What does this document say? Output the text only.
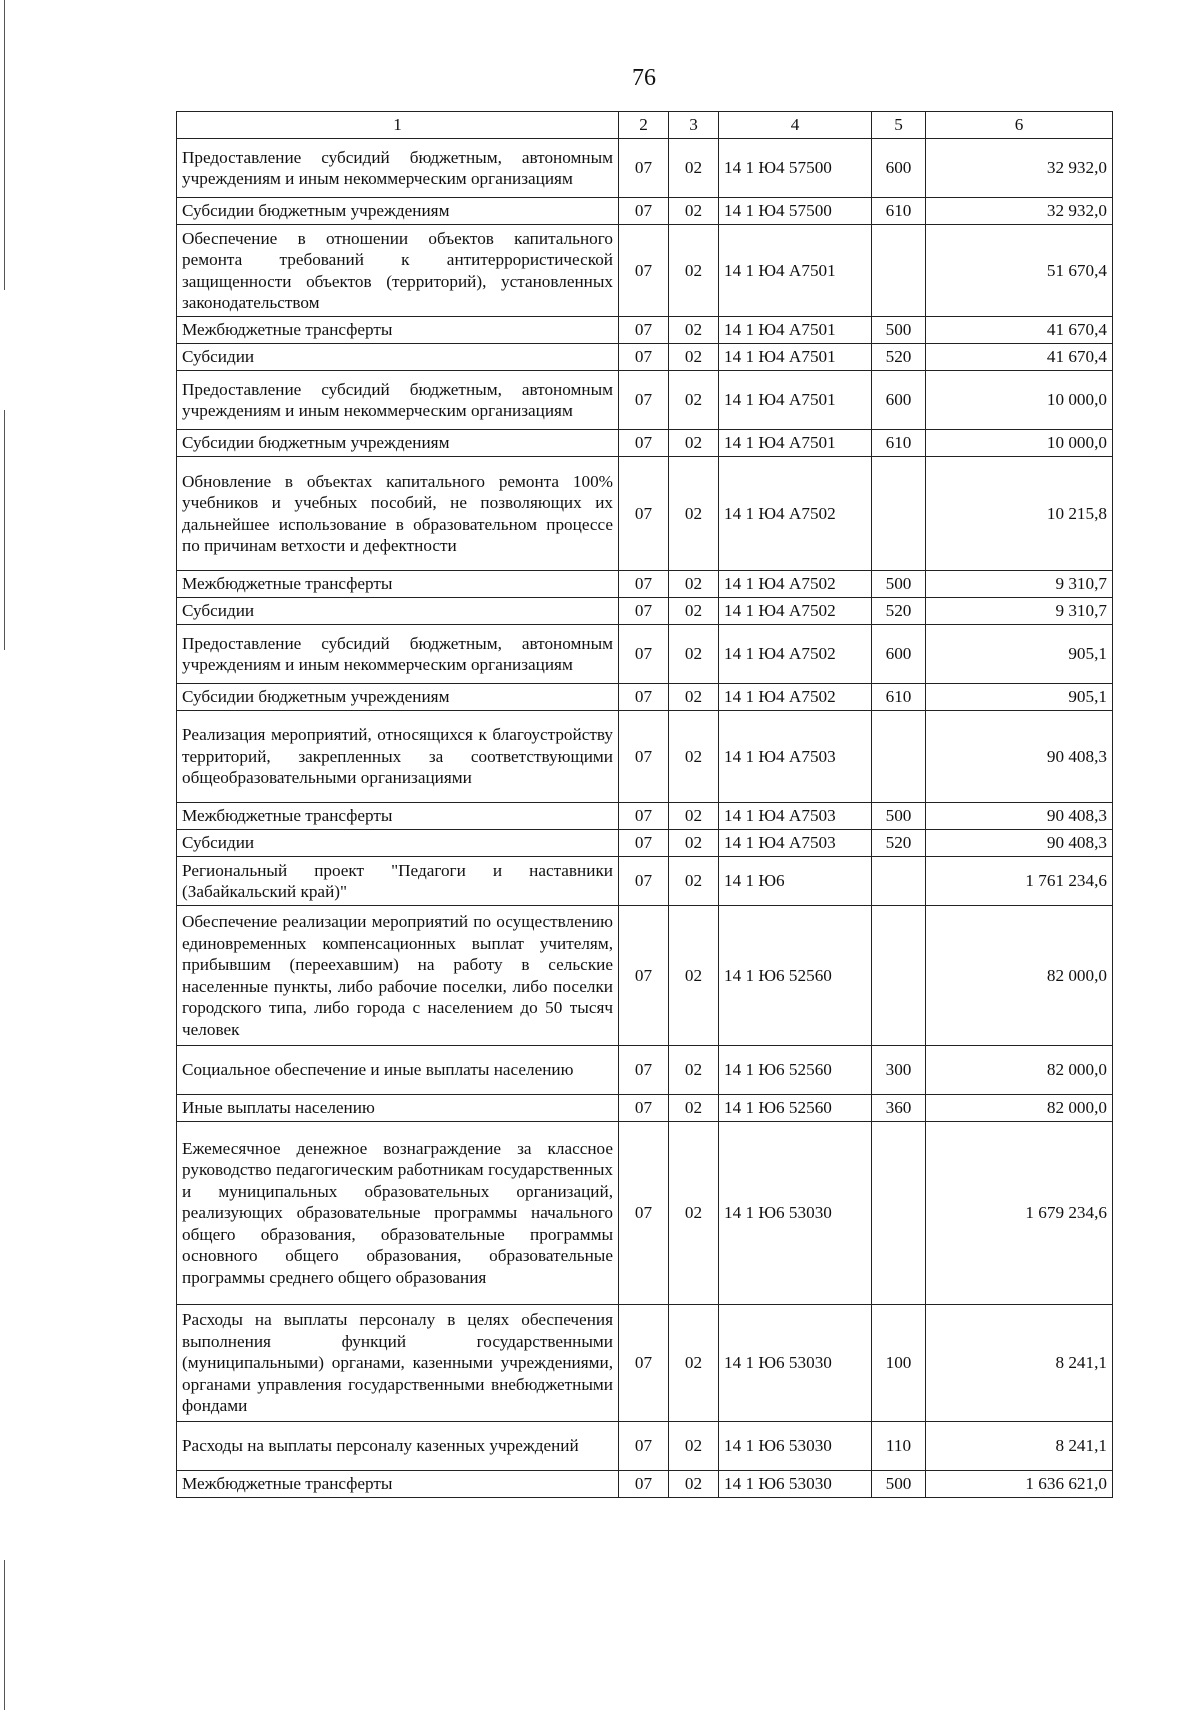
76
1	2	3	4	5	6
Предоставление субсидий бюджетным, автономным учреждениям и иным некоммерческим организациям	07	02	14 1 Ю4 57500	600	32 932,0
Субсидии бюджетным учреждениям	07	02	14 1 Ю4 57500	610	32 932,0
Обеспечение в отношении объектов капитального ремонта требований к антитеррористической защищенности объектов (территорий), установленных законодательством	07	02	14 1 Ю4 А7501		51 670,4
Межбюджетные трансферты	07	02	14 1 Ю4 А7501	500	41 670,4
Субсидии	07	02	14 1 Ю4 А7501	520	41 670,4
Предоставление субсидий бюджетным, автономным учреждениям и иным некоммерческим организациям	07	02	14 1 Ю4 А7501	600	10 000,0
Субсидии бюджетным учреждениям	07	02	14 1 Ю4 А7501	610	10 000,0
Обновление в объектах капитального ремонта 100% учебников и учебных пособий, не позволяющих их дальнейшее использование в образовательном процессе по причинам ветхости и дефектности	07	02	14 1 Ю4 А7502		10 215,8
Межбюджетные трансферты	07	02	14 1 Ю4 А7502	500	9 310,7
Субсидии	07	02	14 1 Ю4 А7502	520	9 310,7
Предоставление субсидий бюджетным, автономным учреждениям и иным некоммерческим организациям	07	02	14 1 Ю4 А7502	600	905,1
Субсидии бюджетным учреждениям	07	02	14 1 Ю4 А7502	610	905,1
Реализация мероприятий, относящихся к благоустройству территорий, закрепленных за соответствующими общеобразовательными организациями	07	02	14 1 Ю4 А7503		90 408,3
Межбюджетные трансферты	07	02	14 1 Ю4 А7503	500	90 408,3
Субсидии	07	02	14 1 Ю4 А7503	520	90 408,3
Региональный проект "Педагоги и наставники (Забайкальский край)"	07	02	14 1 Ю6		1 761 234,6
Обеспечение реализации мероприятий по осуществлению единовременных компенсационных выплат учителям, прибывшим (переехавшим) на работу в сельские населенные пункты, либо рабочие поселки, либо поселки городского типа, либо города с населением до 50 тысяч человек	07	02	14 1 Ю6 52560		82 000,0
Социальное обеспечение и иные выплаты населению	07	02	14 1 Ю6 52560	300	82 000,0
Иные выплаты населению	07	02	14 1 Ю6 52560	360	82 000,0
Ежемесячное денежное вознаграждение за классное руководство педагогическим работникам государственных и муниципальных образовательных организаций, реализующих образовательные программы начального общего образования, образовательные программы основного общего образования, образовательные программы среднего общего образования	07	02	14 1 Ю6 53030		1 679 234,6
Расходы на выплаты персоналу в целях обеспечения выполнения функций государственными (муниципальными) органами, казенными учреждениями, органами управления государственными внебюджетными фондами	07	02	14 1 Ю6 53030	100	8 241,1
Расходы на выплаты персоналу казенных учреждений	07	02	14 1 Ю6 53030	110	8 241,1
Межбюджетные трансферты	07	02	14 1 Ю6 53030	500	1 636 621,0
